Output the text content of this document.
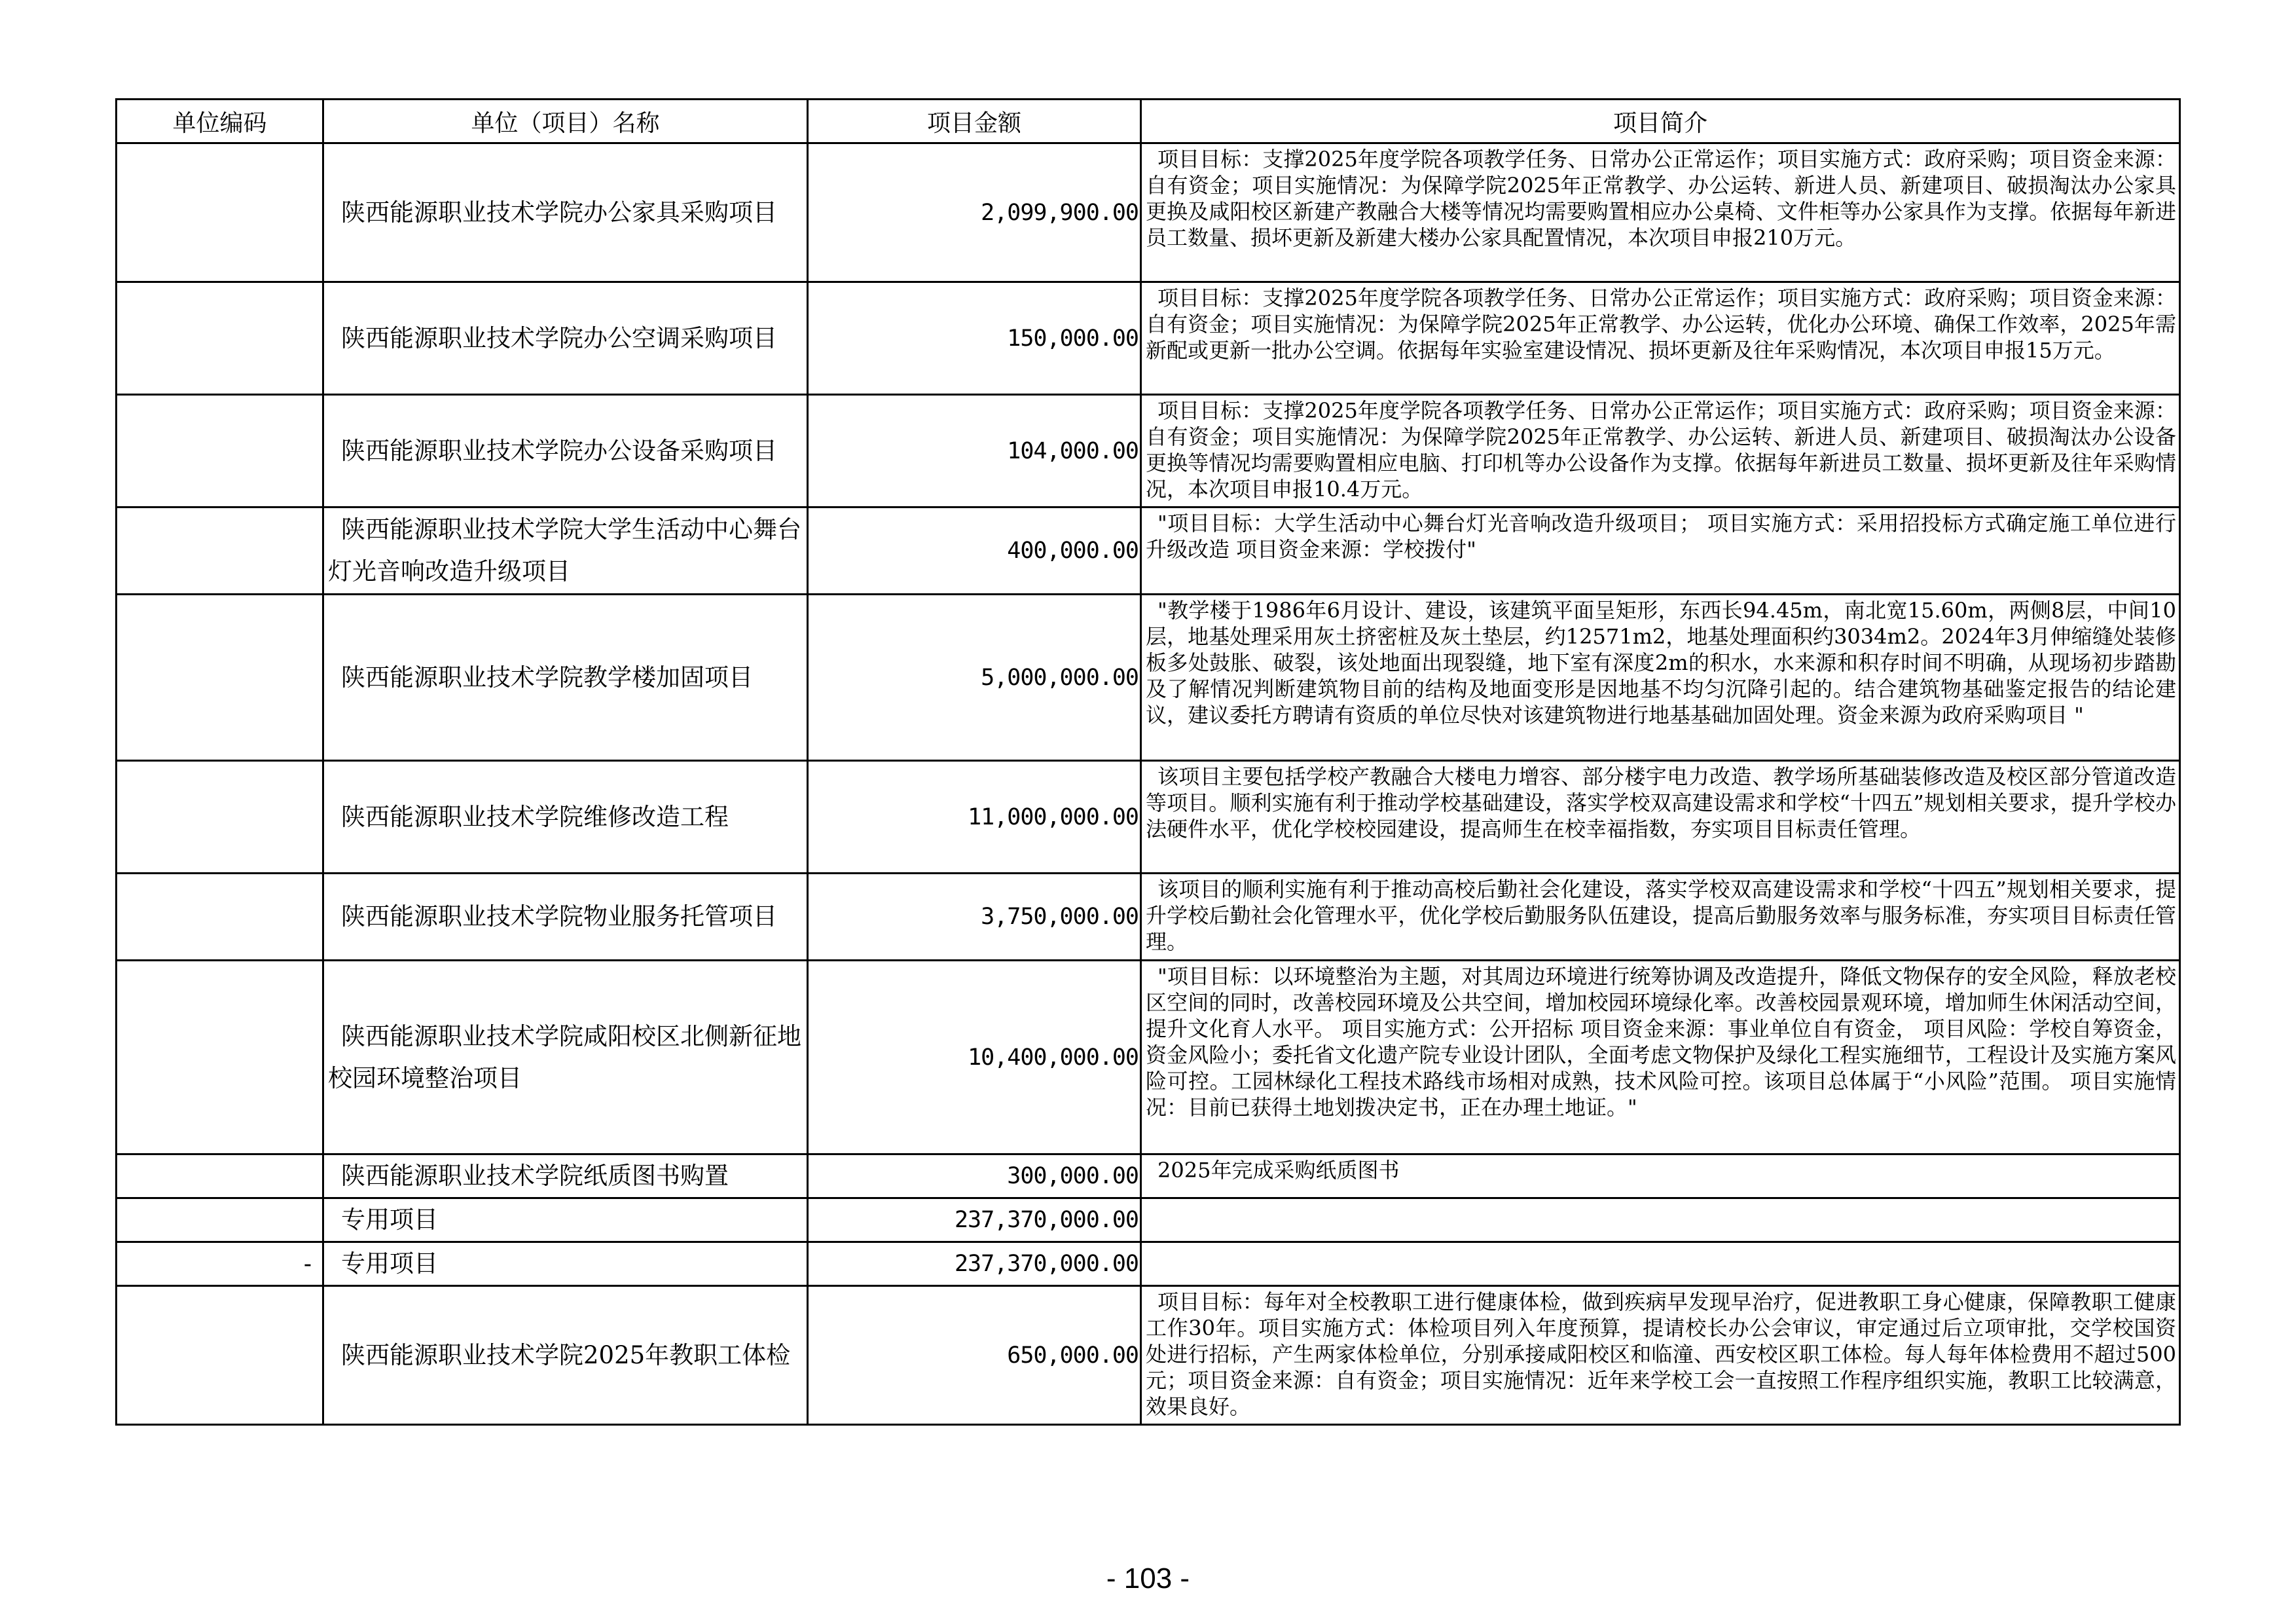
单位编码	单位（项目）名称	项目金额	项目简介
	陕西能源职业技术学院办公家具采购项目	2,099,900.00	项目目标：支撑2025年度学院各项教学任务、日常办公正常运作；项目实施方式：政府采购；项目资金来源：自有资金；项目实施情况：为保障学院2025年正常教学、办公运转、新进人员、新建项目、破损淘汰办公家具更换及咸阳校区新建产教融合大楼等情况均需要购置相应办公桌椅、文件柜等办公家具作为支撑。依据每年新进员工数量、损坏更新及新建大楼办公家具配置情况，本次项目申报210万元。
	陕西能源职业技术学院办公空调采购项目	150,000.00	项目目标：支撑2025年度学院各项教学任务、日常办公正常运作；项目实施方式：政府采购；项目资金来源：自有资金；项目实施情况：为保障学院2025年正常教学、办公运转，优化办公环境、确保工作效率，2025年需新配或更新一批办公空调。依据每年实验室建设情况、损坏更新及往年采购情况，本次项目申报15万元。
	陕西能源职业技术学院办公设备采购项目	104,000.00	项目目标：支撑2025年度学院各项教学任务、日常办公正常运作；项目实施方式：政府采购；项目资金来源：自有资金；项目实施情况：为保障学院2025年正常教学、办公运转、新进人员、新建项目、破损淘汰办公设备更换等情况均需要购置相应电脑、打印机等办公设备作为支撑。依据每年新进员工数量、损坏更新及往年采购情况，本次项目申报10.4万元。
	陕西能源职业技术学院大学生活动中心舞台灯光音响改造升级项目	400,000.00	"项目目标：大学生活动中心舞台灯光音响改造升级项目； 项目实施方式：采用招投标方式确定施工单位进行升级改造 项目资金来源：学校拨付"
	陕西能源职业技术学院教学楼加固项目	5,000,000.00	"教学楼于1986年6月设计、建设，该建筑平面呈矩形，东西长94.45m，南北宽15.60m，两侧8层，中间10层，地基处理采用灰土挤密桩及灰土垫层，约12571m2，地基处理面积约3034m2。2024年3月伸缩缝处装修板多处鼓胀、破裂，该处地面出现裂缝，地下室有深度2m的积水，水来源和积存时间不明确，从现场初步踏勘及了解情况判断建筑物目前的结构及地面变形是因地基不均匀沉降引起的。结合建筑物基础鉴定报告的结论建议，建议委托方聘请有资质的单位尽快对该建筑物进行地基基础加固处理。资金来源为政府采购项目 "
	陕西能源职业技术学院维修改造工程	11,000,000.00	该项目主要包括学校产教融合大楼电力增容、部分楼宇电力改造、教学场所基础装修改造及校区部分管道改造等项目。顺利实施有利于推动学校基础建设，落实学校双高建设需求和学校“十四五”规划相关要求，提升学校办法硬件水平，优化学校校园建设，提高师生在校幸福指数，夯实项目目标责任管理。
	陕西能源职业技术学院物业服务托管项目	3,750,000.00	该项目的顺利实施有利于推动高校后勤社会化建设，落实学校双高建设需求和学校“十四五”规划相关要求，提升学校后勤社会化管理水平，优化学校后勤服务队伍建设，提高后勤服务效率与服务标准，夯实项目目标责任管理。
	陕西能源职业技术学院咸阳校区北侧新征地校园环境整治项目	10,400,000.00	"项目目标：以环境整治为主题，对其周边环境进行统筹协调及改造提升，降低文物保存的安全风险，释放老校区空间的同时，改善校园环境及公共空间，增加校园环境绿化率。改善校园景观环境，增加师生休闲活动空间，提升文化育人水平。 项目实施方式：公开招标 项目资金来源：事业单位自有资金， 项目风险：学校自筹资金，资金风险小；委托省文化遗产院专业设计团队，全面考虑文物保护及绿化工程实施细节，工程设计及实施方案风险可控。工园林绿化工程技术路线市场相对成熟，技术风险可控。该项目总体属于“小风险”范围。 项目实施情况：目前已获得土地划拨决定书，正在办理土地证。"
	陕西能源职业技术学院纸质图书购置	300,000.00	2025年完成采购纸质图书
	专用项目	237,370,000.00	
-	专用项目	237,370,000.00	
	陕西能源职业技术学院2025年教职工体检	650,000.00	项目目标：每年对全校教职工进行健康体检，做到疾病早发现早治疗，促进教职工身心健康，保障教职工健康工作30年。项目实施方式：体检项目列入年度预算，提请校长办公会审议，审定通过后立项审批，交学校国资处进行招标，产生两家体检单位，分别承接咸阳校区和临潼、西安校区职工体检。每人每年体检费用不超过500元；项目资金来源：自有资金；项目实施情况：近年来学校工会一直按照工作程序组织实施，教职工比较满意，效果良好。
- 103 -
